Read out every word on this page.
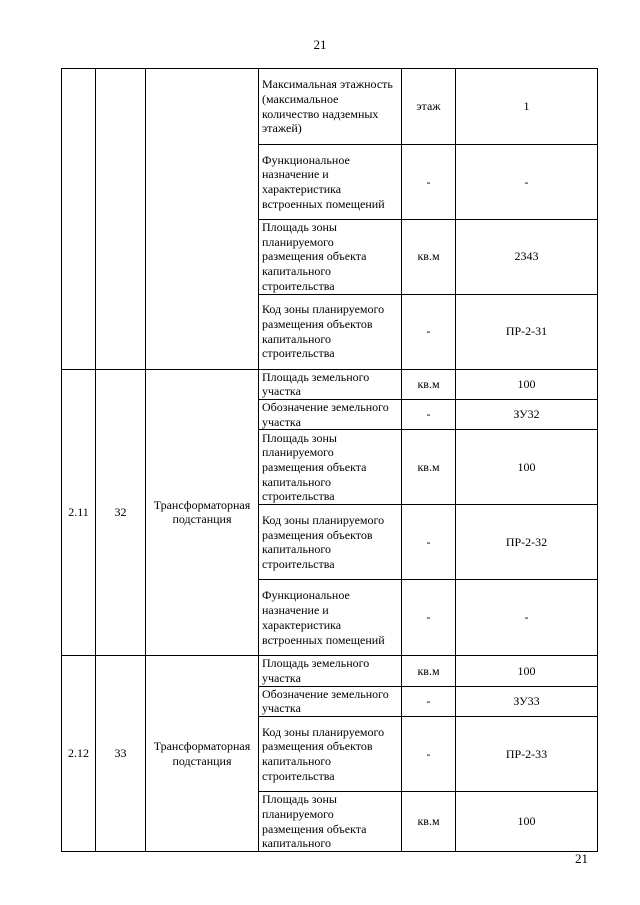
21
			Максимальная этажность (максимальное количество надземных этажей)	этаж	1
			Функциональное назначение и характеристика встроенных помещений	-	-
			Площадь зоны планируемого размещения объекта капитального строительства	кв.м	2343
			Код зоны планируемого размещения объектов капитального строительства	-	ПР-2-31
2.11	32	Трансформаторная подстанция	Площадь земельного участка	кв.м	100
			Обозначение земельного участка	-	ЗУ32
			Площадь зоны планируемого размещения объекта капитального строительства	кв.м	100
			Код зоны планируемого размещения объектов капитального строительства	-	ПР-2-32
			Функциональное назначение и характеристика встроенных помещений	-	-
2.12	33	Трансформаторная подстанция	Площадь земельного участка	кв.м	100
			Обозначение земельного участка	-	ЗУ33
			Код зоны планируемого размещения объектов капитального строительства	-	ПР-2-33
			Площадь зоны планируемого размещения объекта капитального	кв.м	100
21
